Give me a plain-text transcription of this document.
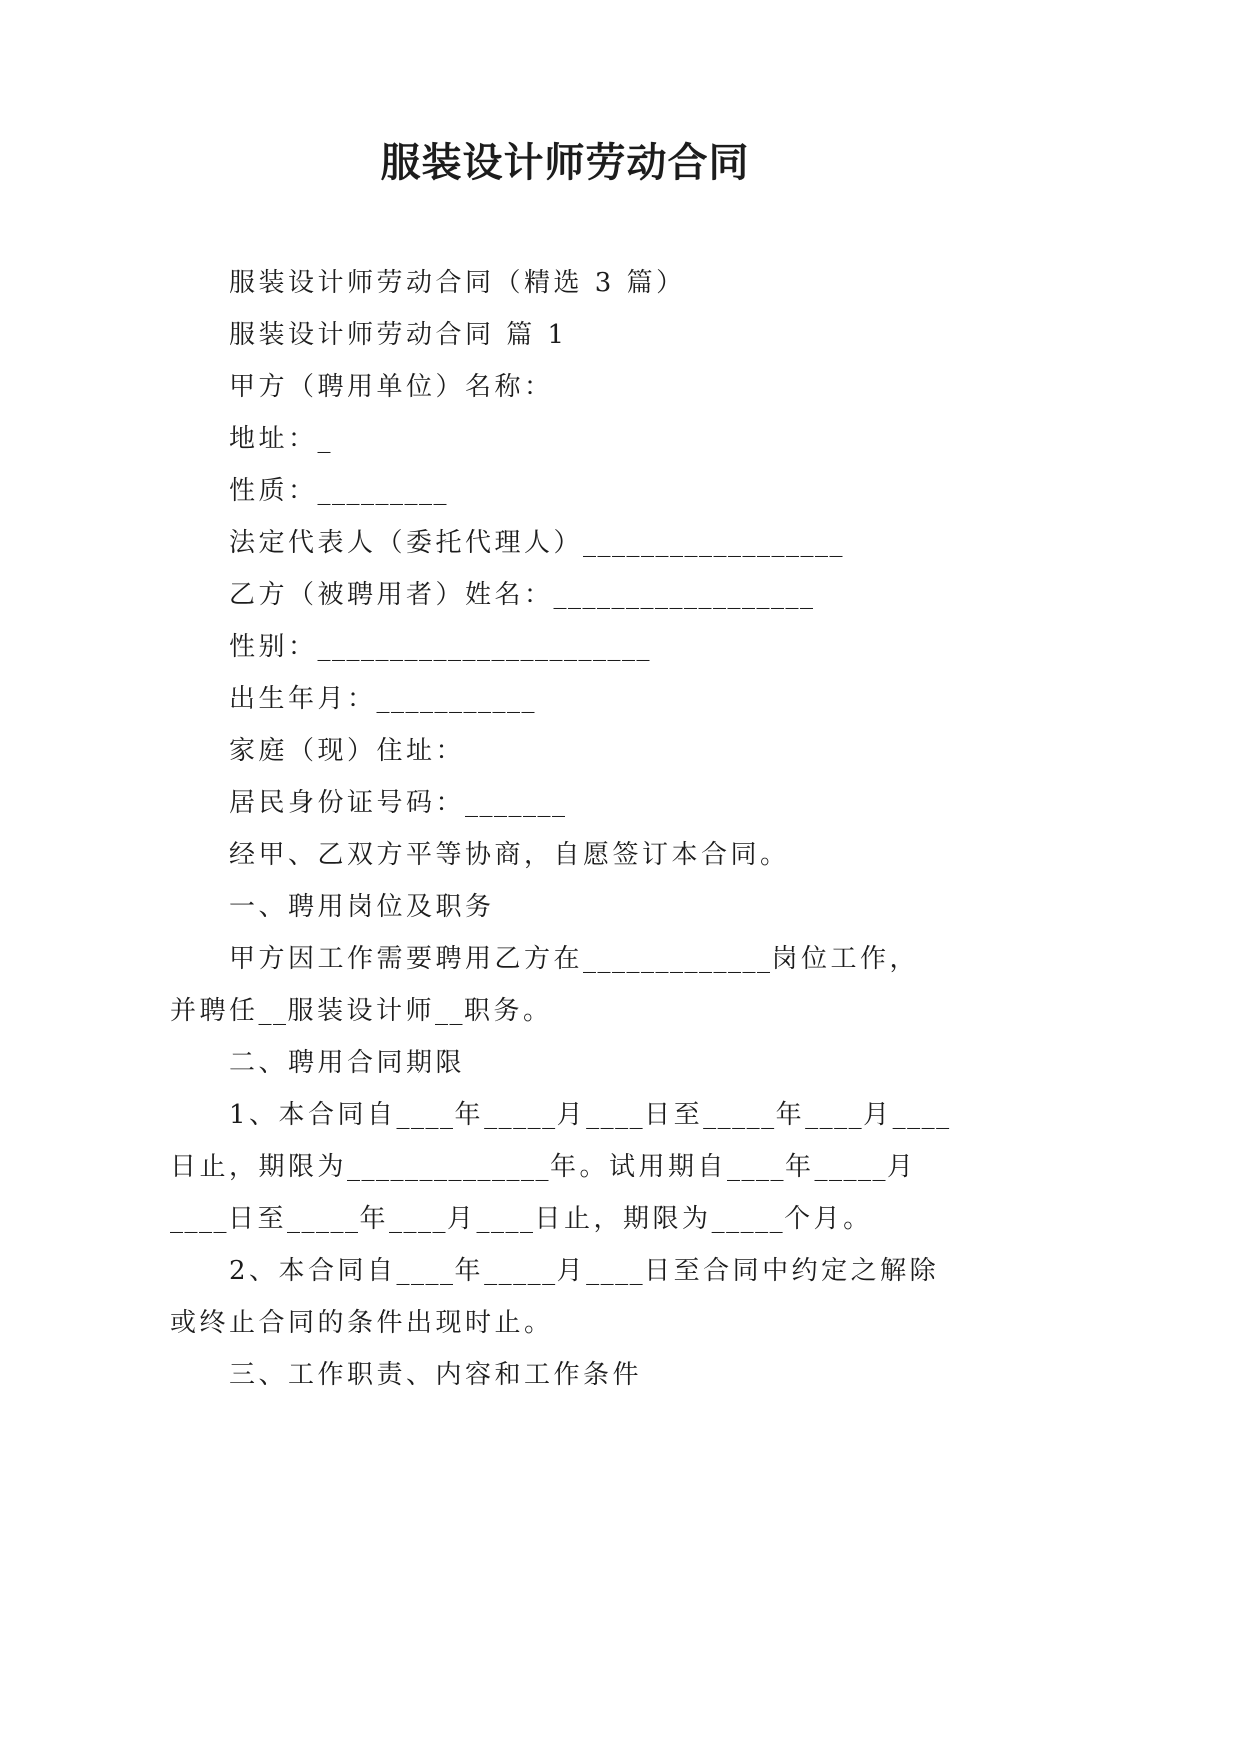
服装设计师劳动合同
服装设计师劳动合同（精选 3 篇）
服装设计师劳动合同 篇 1
甲方（聘用单位）名称：
地址：_
性质：_________
法定代表人（委托代理人）__________________
乙方（被聘用者）姓名：__________________
性别：_______________________
出生年月：___________
家庭（现）住址：
居民身份证号码：_______
经甲、乙双方平等协商，自愿签订本合同。
一、聘用岗位及职务
甲方因工作需要聘用乙方在_____________岗位工作，
并聘任__服装设计师__职务。
二、聘用合同期限
1、本合同自____年_____月____日至_____年____月____
日止，期限为______________年。试用期自____年_____月
____日至_____年____月____日止，期限为_____个月。
2、本合同自____年_____月____日至合同中约定之解除
或终止合同的条件出现时止。
三、工作职责、内容和工作条件
